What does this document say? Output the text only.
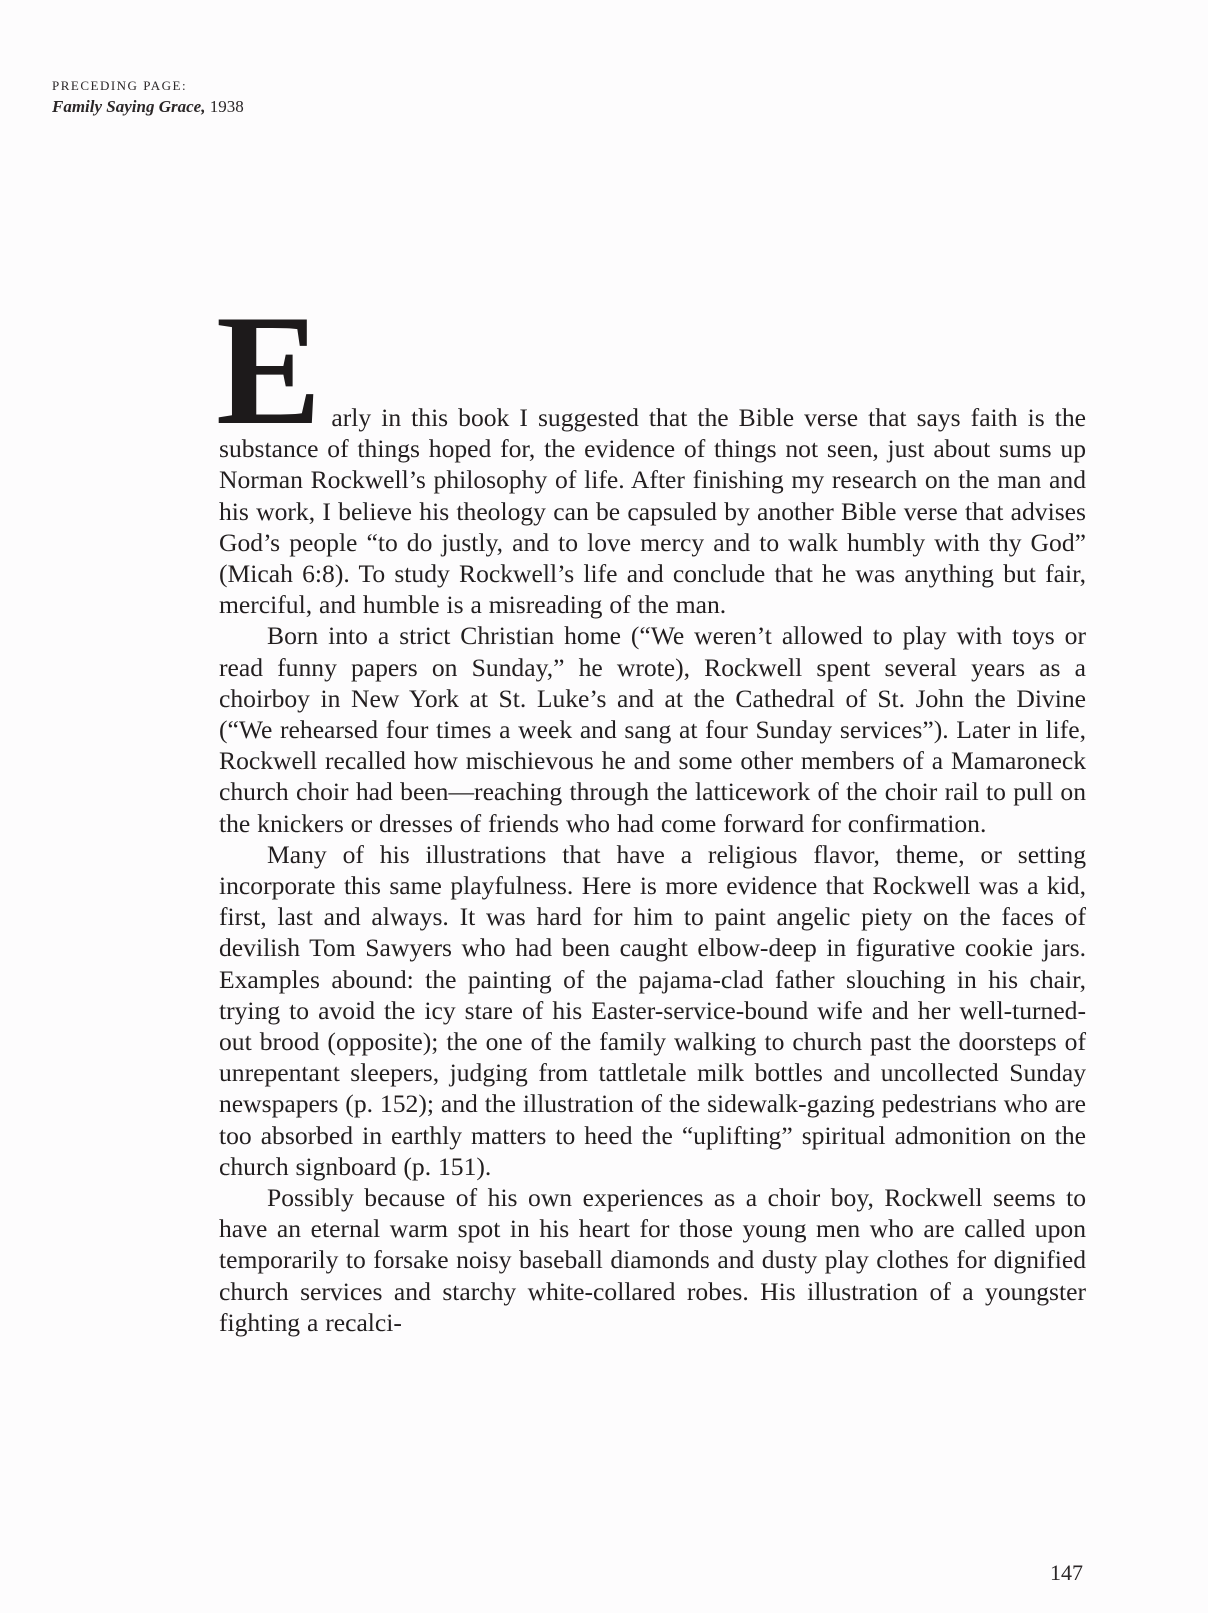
PRECEDING PAGE:
Family Saying Grace, 1938

Early in this book I suggested that the Bible verse that says faith is the substance of things hoped for, the evidence of things not seen, just about sums up Norman Rockwell’s philosophy of life. After finishing my research on the man and his work, I believe his theology can be capsuled by another Bible verse that advises God’s people “to do justly, and to love mercy and to walk humbly with thy God” (Micah 6:8). To study Rockwell’s life and conclude that he was anything but fair, merciful, and humble is a misreading of the man.

Born into a strict Christian home (“We weren’t allowed to play with toys or read funny papers on Sunday,” he wrote), Rockwell spent several years as a choirboy in New York at St. Luke’s and at the Cathedral of St. John the Divine (“We rehearsed four times a week and sang at four Sunday services”). Later in life, Rockwell recalled how mischievous he and some other members of a Mamaroneck church choir had been—reaching through the latticework of the choir rail to pull on the knickers or dresses of friends who had come forward for confirmation.

Many of his illustrations that have a religious flavor, theme, or setting incorporate this same playfulness. Here is more evidence that Rockwell was a kid, first, last and always. It was hard for him to paint angelic piety on the faces of devilish Tom Sawyers who had been caught elbow-deep in figurative cookie jars. Examples abound: the painting of the pajama-clad father slouching in his chair, trying to avoid the icy stare of his Easter-service-bound wife and her well-turned-out brood (opposite); the one of the family walking to church past the doorsteps of unrepentant sleepers, judging from tattletale milk bottles and uncollected Sunday newspapers (p. 152); and the illustration of the sidewalk-gazing pedestrians who are too absorbed in earthly matters to heed the “uplifting” spiritual admonition on the church signboard (p. 151).

Possibly because of his own experiences as a choir boy, Rockwell seems to have an eternal warm spot in his heart for those young men who are called upon temporarily to forsake noisy baseball diamonds and dusty play clothes for dignified church services and starchy white-collared robes. His illustration of a youngster fighting a recalci-

147
